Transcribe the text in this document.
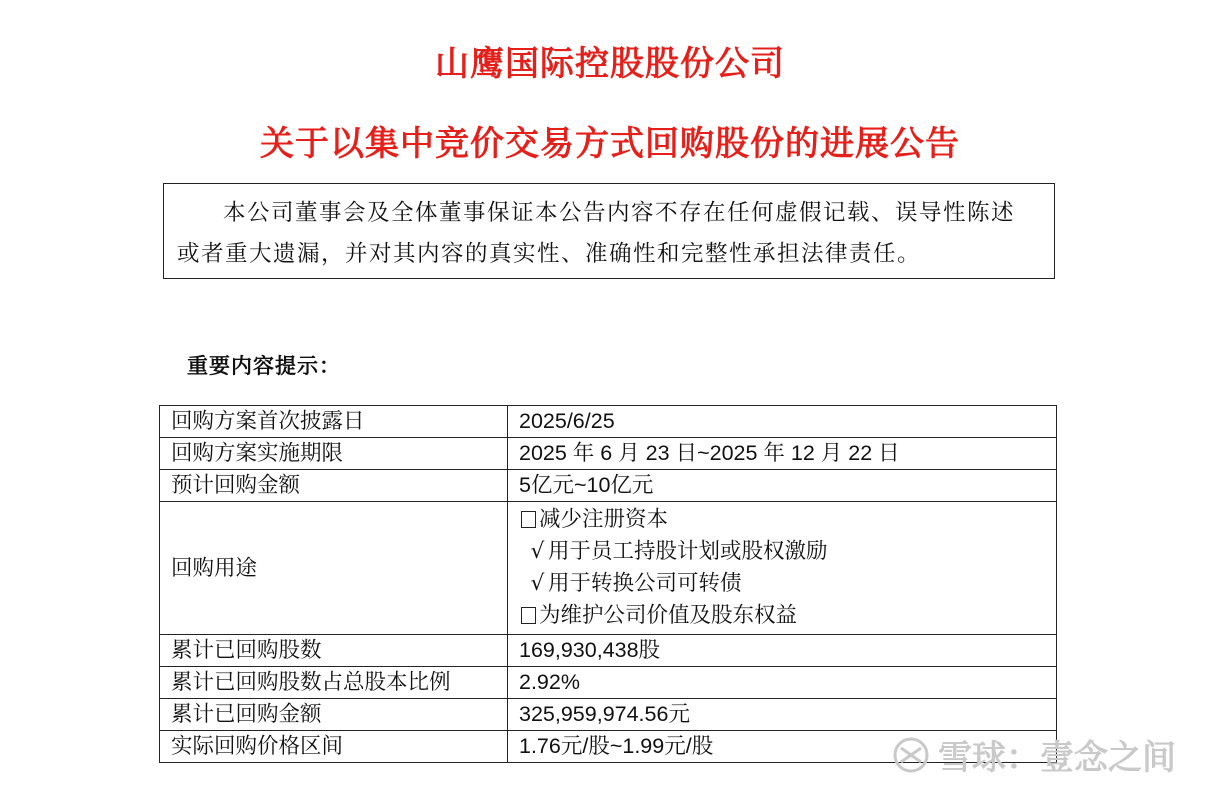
山鹰国际控股股份公司
关于以集中竞价交易方式回购股份的进展公告
本公司董事会及全体董事保证本公告内容不存在任何虚假记载、误导性陈述
或者重大遗漏，并对其内容的真实性、准确性和完整性承担法律责任。
重要内容提示：
回购方案首次披露日	2025/6/25
回购方案实施期限	2025 年 6 月 23 日~2025 年 12 月 22 日
预计回购金额	5亿元~10亿元
回购用途	减少注册资本
√ 用于员工持股计划或股权激励
√ 用于转换公司可转债
为维护公司价值及股东权益

累计已回购股数	169,930,438股
累计已回购股数占总股本比例	2.92%
累计已回购金额	325,959,974.56元
实际回购价格区间	1.76元/股~1.99元/股	雪球：壹念之间
